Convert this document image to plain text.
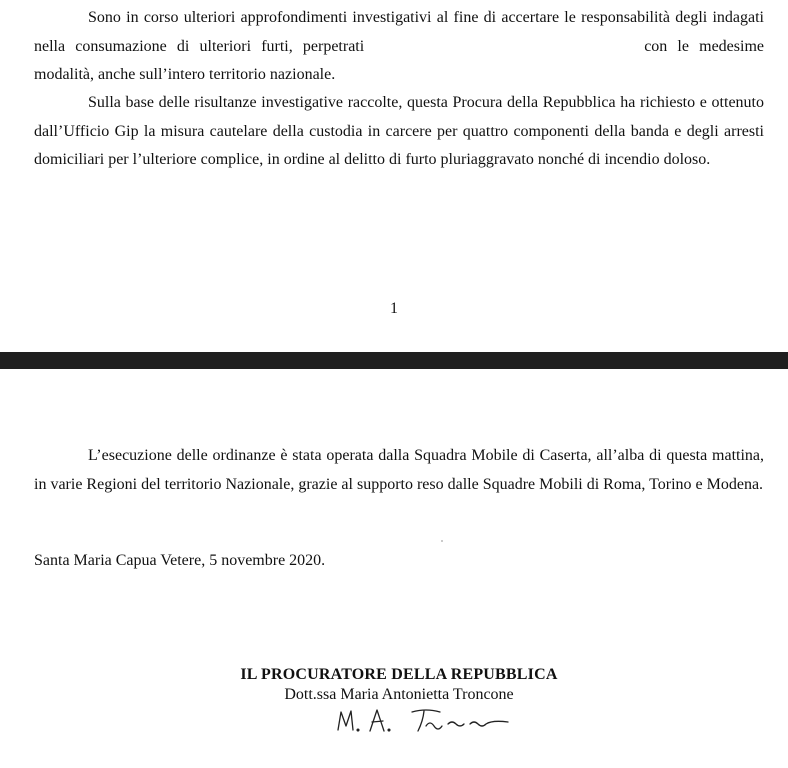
Sono in corso ulteriori approfondimenti investigativi al fine di accertare le responsabilità degli indagati nella consumazione di ulteriori furti, perpetrati	con le medesime modalità, anche sull’intero territorio nazionale.

Sulla base delle risultanze investigative raccolte, questa Procura della Repubblica ha richiesto e ottenuto dall’Ufficio Gip la misura cautelare della custodia in carcere per quattro componenti della banda e degli arresti domiciliari per l’ulteriore complice, in ordine al delitto di furto pluriaggravato nonché di incendio doloso.

1

L’esecuzione delle ordinanze è stata operata dalla Squadra Mobile di Caserta, all’alba di questa mattina, in varie Regioni del territorio Nazionale, grazie al supporto reso dalle Squadre Mobili di Roma, Torino e Modena.

Santa Maria Capua Vetere, 5 novembre 2020.

IL PROCURATORE DELLA REPUBBLICA
Dott.ssa Maria Antonietta Troncone
